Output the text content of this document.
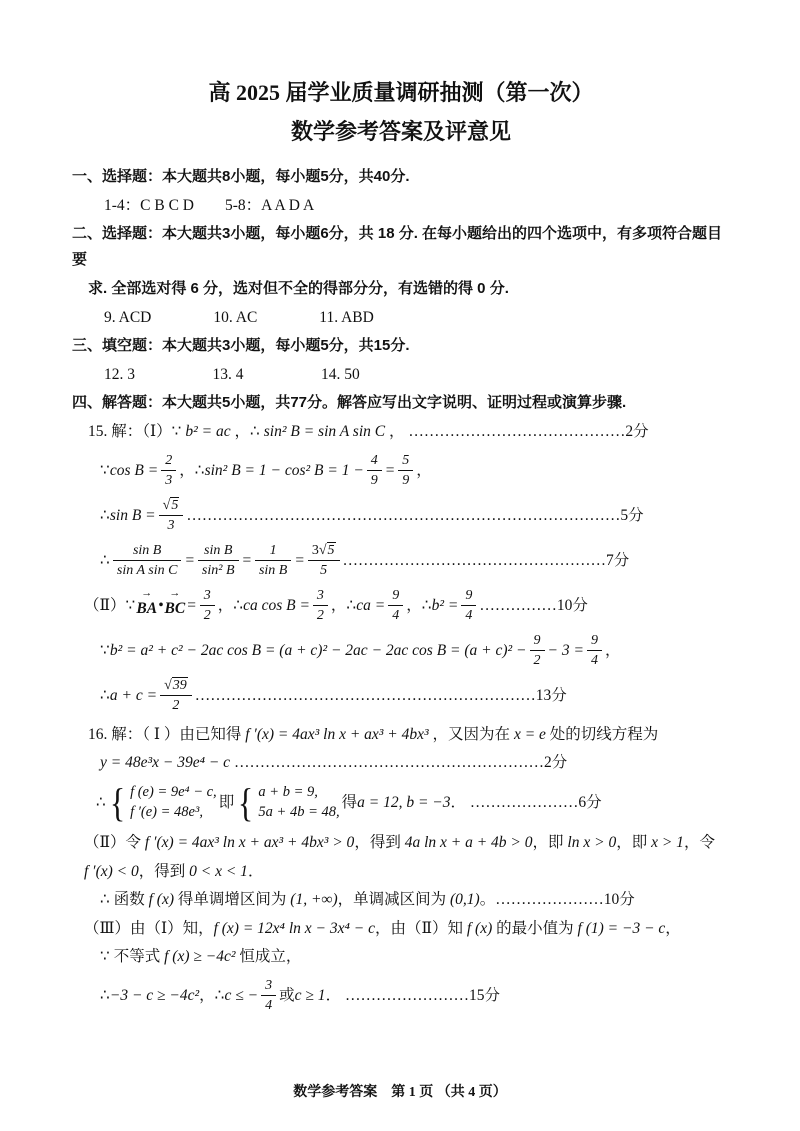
高 2025 届学业质量调研抽测（第一次）
数学参考答案及评意见
一、选择题：本大题共8小题，每小题5分，共40分.
1-4：C B C D　　5-8：A A D A
二、选择题：本大题共3小题，每小题6分，共 18 分. 在每小题给出的四个选项中，有多项符合题目要
求. 全部选对得 6 分，选对但不全的得部分分，有选错的得 0 分.
9. ACD　　　　10. AC　　　　11. ABD
三、填空题：本大题共3小题，每小题5分，共15分.
12. 3　　　　　13. 4　　　　　14. 50
四、解答题：本大题共5小题，共77分。解答应写出文字说明、证明过程或演算步骤.
15. 解：（Ⅰ）∵ b² = ac ，∴ sin² B = sin A sin C ， ……………………………………2分
∵ $\cos B = \frac{2}{3}$ ，∴ sin² B = 1 − cos² $B = 1 - \frac{4}{9} = \frac{5}{9}$ ，
∴ $\sin B = \frac{√5}{3}$ …………………………………………………………………………5分
∴ $\frac{\text{sin B}}{\text{sin A sin C}} = \frac{\text{sin B}}{\text{sin² B}} = \frac{1}{\text{sin B}} = \frac{3√5}{5}$ ……………………………………………7分
（Ⅱ）∵
→
BA •
→
BC = $\frac{3}{2}$ ，∴ ca $\cos B = \frac{3}{2}$ ，∴ ca = $\frac{9}{4}$ ，∴ $b^2 = \frac{9}{4}$ ……………10分
∵ b² = a² + c² − 2ac cos B = (a + c)² − 2ac − 2ac $\cos B = (a + c)^2 - \frac{9}{2} - 3 = \frac{9}{4}$ ，
∴ $a + c = \frac{√39}{2}$ …………………………………………………………13分
16. 解：（ Ⅰ ）由已知得 f ′(x) = 4ax³ ln x + ax³ + 4bx³ ，又因为在 x = e 处的切线方程为
y = 48e³x − 39e⁴ − c ……………………………………………………2分
∴ { f (e) = 9e⁴ − c,
f ′(e) = 48e³,
即 { a + b = 9,
5a + 4b = 48,
得 a = 12, b = −3 ． …………………6分
（Ⅱ）令 f ′(x) = 4ax³ ln x + ax³ + 4bx³ > 0，得到 4a ln x + a + 4b > 0，即 ln x > 0，即 x > 1，令
f ′(x) < 0，得到 0 < x < 1．
∴ 函数 f (x) 得单调增区间为 (1, +∞)，单调减区间为 (0,1)。…………………10分
（Ⅲ）由（Ⅰ）知，f (x) = 12x⁴ ln x − 3x⁴ − c，由（Ⅱ）知 f (x) 的最小值为 f (1) = −3 − c，
∵ 不等式 f (x) ≥ −4c² 恒成立，
∴ −3 − c ≥ −4c² ，∴ c ≤ − $\frac{3}{4}$ 或 c ≥ 1 ． ……………………15分
数学参考答案　第 1 页 （共 4 页）
